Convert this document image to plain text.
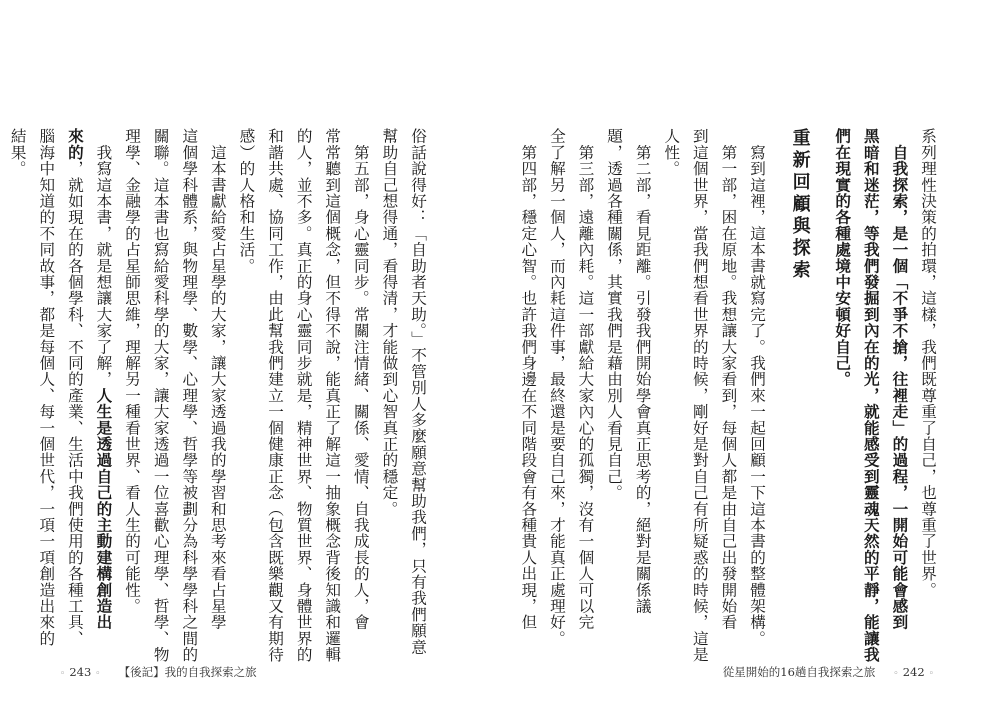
俗話說得好：「自助者天助。」不管別人多麼願意幫助我們，只有我們願意
幫助自己想得通，看得清，才能做到心智真正的穩定。
　第五部，身心靈同步。常關注情緒、關係、愛情、自我成長的人，會
常常聽到這個概念，但不得不說，能真正了解這一抽象概念背後知識和邏輯
的人，並不多。真正的身心靈同步就是，精神世界、物質世界、身體世界的
和諧共處、協同工作，由此幫我們建立一個健康正念（包含既樂觀又有期待
感）的人格和生活。
　這本書獻給愛占星學的大家，讓大家透過我的學習和思考來看占星學
這個學科體系，與物理學、數學、心理學、哲學等被劃分為科學學科之間的
關聯。這本書也寫給愛科學的大家，讓大家透過一位喜歡心理學、哲學、物
理學、金融學的占星師思維，理解另一種看世界、看人生的可能性。
　我寫這本書，就是想讓大家了解，人生是透過自己的主動建構創造出
來的，就如現在的各個學科、不同的產業、生活中我們使用的各種工具、
腦海中知道的不同故事，都是每個人、每一個世代，一項一項創造出來的
結果。
◦ 243 ◦ 【後記】我的自我探索之旅
系列理性決策的拍環，這樣，我們既尊重了自己，也尊重了世界。
　自我探索，是一個「不爭不搶，往裡走」的過程，一開始可能會感到
黑暗和迷茫，等我們發掘到內在的光，就能感受到靈魂天然的平靜，能讓我
們在現實的各種處境中安頓好自己。
重新回顧與探索
　寫到這裡，這本書就寫完了。我們來一起回顧一下這本書的整體架構。
　第一部，困在原地。我想讓大家看到，每個人都是由自己出發開始看
到這個世界，當我們想看世界的時候，剛好是對自己有所疑惑的時候，這是
人性。
　第二部，看見距離。引發我們開始學會真正思考的，絕對是關係議
題，透過各種關係，其實我們是藉由別人看見自己。
　第三部，遠離內耗。這一部獻給大家內心的孤獨，沒有一個人可以完
全了解另一個人，而內耗這件事，最終還是要自己來，才能真正處理好。
　第四部，穩定心智。也許我們身邊在不同階段會有各種貴人出現，但
從星開始的16趟自我探索之旅 ◦ 242 ◦
